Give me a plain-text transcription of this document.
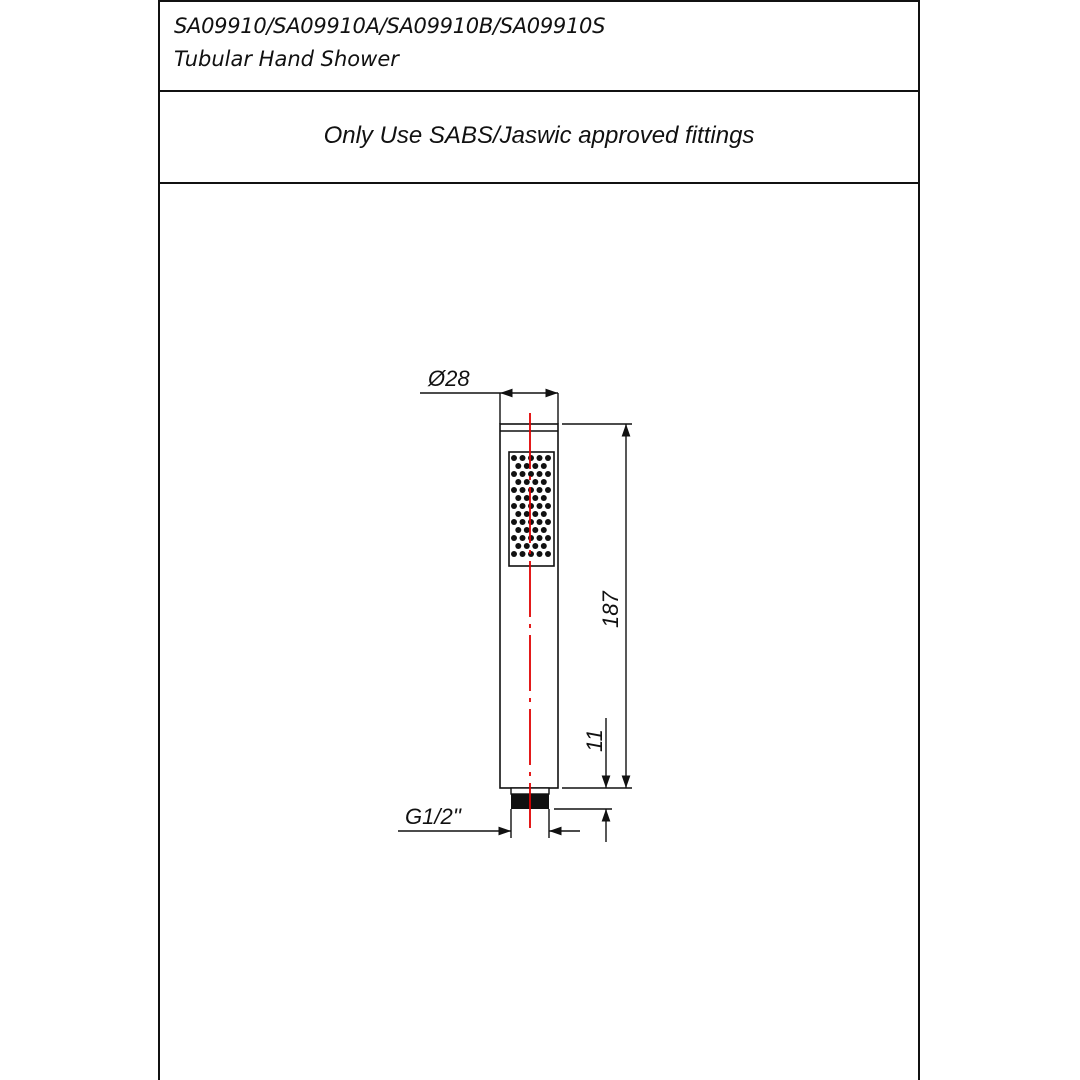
SA09910/SA09910A/SA09910B/SA09910S
Tubular Hand Shower
Only Use SABS/Jaswic approved fittings
Ø28
187
11
G1/2''
